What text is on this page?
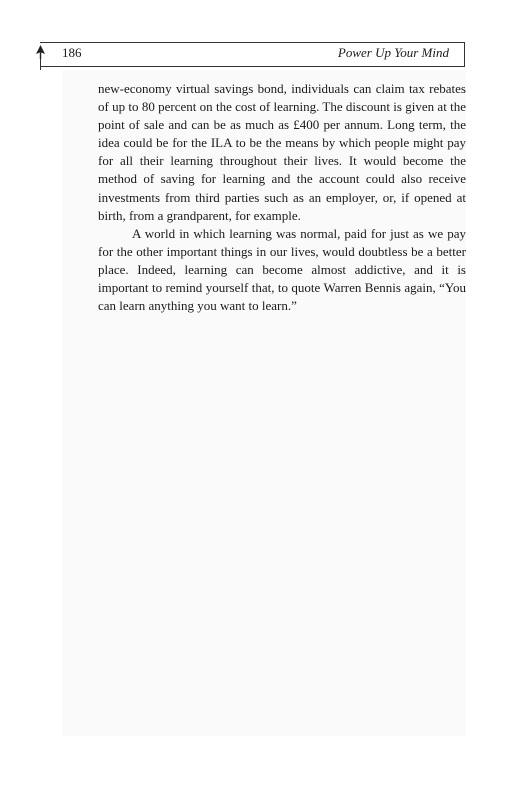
186	Power Up Your Mind

new-economy virtual savings bond, individuals can claim tax rebates of up to 80 percent on the cost of learning. The discount is given at the point of sale and can be as much as £400 per annum. Long term, the idea could be for the ILA to be the means by which people might pay for all their learning throughout their lives. It would become the method of saving for learning and the account could also receive investments from third parties such as an employer, or, if opened at birth, from a grandparent, for example.

A world in which learning was normal, paid for just as we pay for the other important things in our lives, would doubtless be a better place. Indeed, learning can become almost addictive, and it is important to remind yourself that, to quote Warren Bennis again, “You can learn anything you want to learn.”
